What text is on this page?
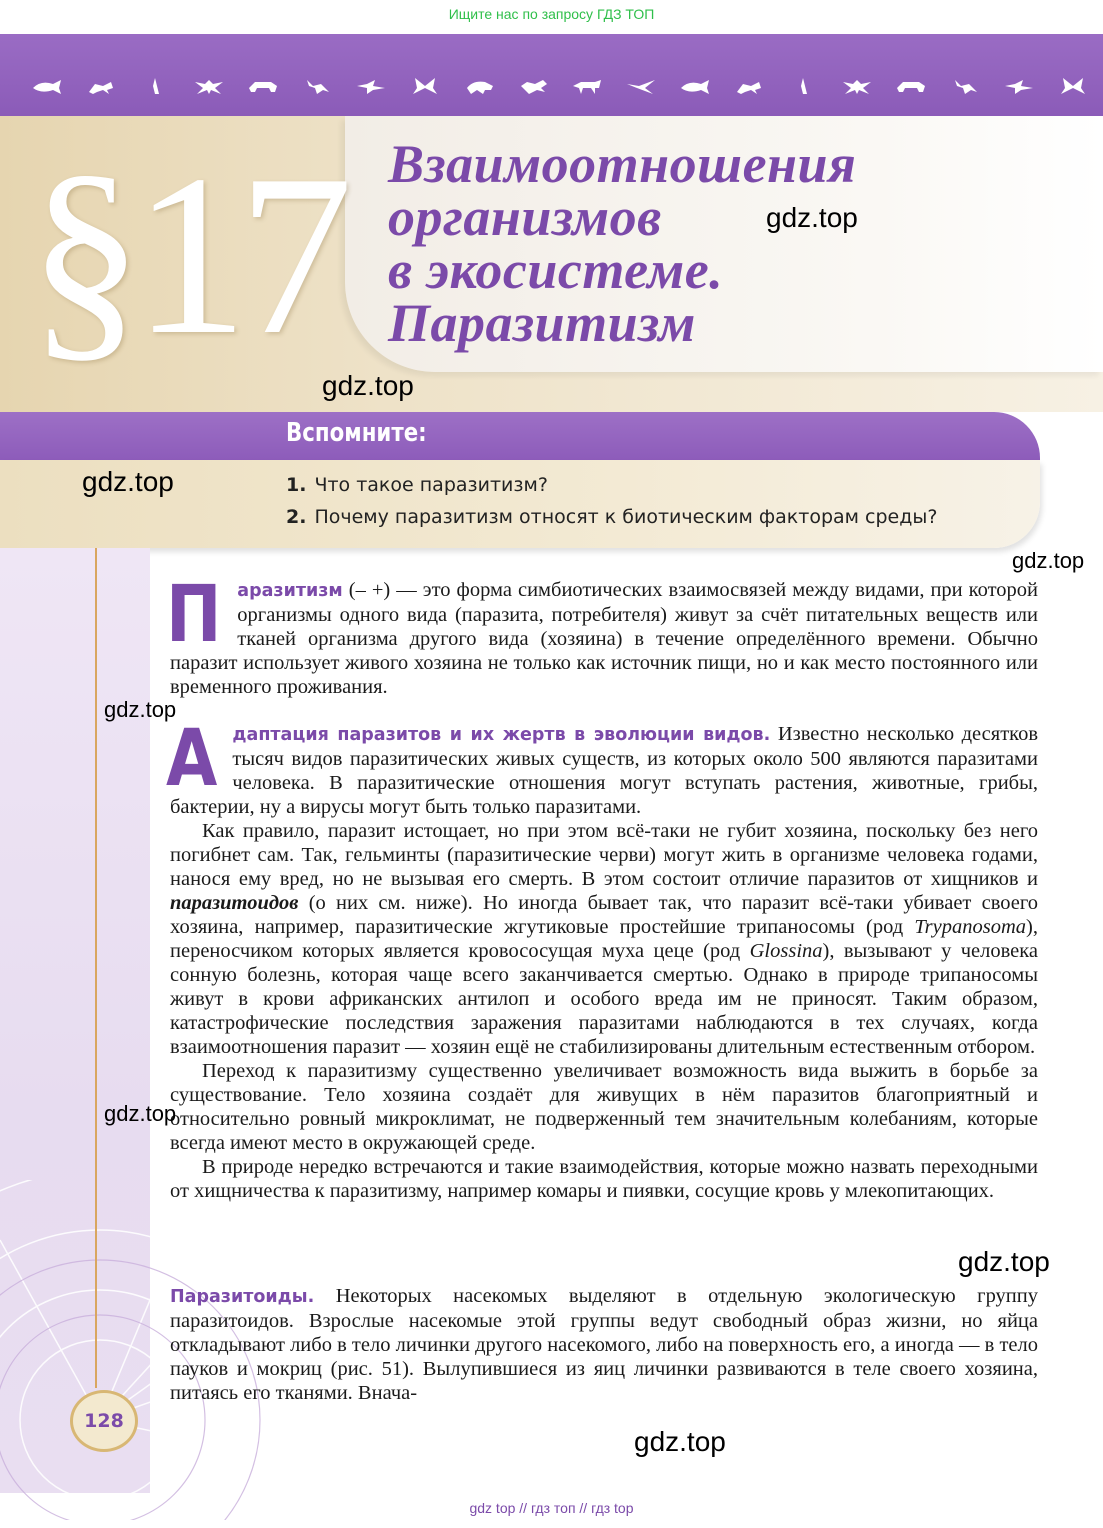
Ищите нас по запросу ГДЗ ТОП
§17 Взаимоотношения
организмов
в экосистеме.
Паразитизм
Вспомните:
1. Что такое паразитизм?
2. Почему паразитизм относят к биотическим факторам среды?
128

Паразитизм (– +) — это форма симбиотических взаимосвязей между видами, при которой организмы одного вида (паразита, потребителя) живут за счёт питательных веществ или тканей организма другого вида (хозяина) в течение определённого времени. Обычно паразит использует живого хозяина не только как источник пищи, но и как место постоянного или временного проживания.

Адаптация паразитов и их жертв в эволюции видов. Известно несколько десятков тысяч видов паразитических живых существ, из которых около 500 являются паразитами человека. В паразитические отношения могут вступать растения, животные, грибы, бактерии, ну а вирусы могут быть только паразитами.

Как правило, паразит истощает, но при этом всё-таки не губит хозяина, поскольку без него погибнет сам. Так, гельминты (паразитические черви) могут жить в организме человека годами, нанося ему вред, но не вызывая его смерть. В этом состоит отличие паразитов от хищников и паразитоидов (о них см. ниже). Но иногда бывает так, что паразит всё-таки убивает своего хозяина, например, паразитические жгутиковые простейшие трипаносомы (род Trypanosoma), переносчиком которых является кровососущая муха цеце (род Glossina), вызывают у человека сонную болезнь, которая чаще всего заканчивается смертью. Однако в природе трипаносомы живут в крови африканских антилоп и особого вреда им не приносят. Таким образом, катастрофические последствия заражения паразитами наблюдаются в тех случаях, когда взаимоотношения паразит — хозяин ещё не стабилизированы длительным естественным отбором.

Переход к паразитизму существенно увеличивает возможность вида выжить в борьбе за существование. Тело хозяина создаёт для живущих в нём паразитов благоприятный и относительно ровный микроклимат, не подверженный тем значительным колебаниям, которые всегда имеют место в окружающей среде.

В природе нередко встречаются и такие взаимодействия, которые можно назвать переходными от хищничества к паразитизму, например комары и пиявки, сосущие кровь у млекопитающих.

Паразитоиды. Некоторых насекомых выделяют в отдельную экологическую группу паразитоидов. Взрослые насекомые этой группы ведут свободный образ жизни, но яйца откладывают либо в тело личинки другого насекомого, либо на поверхность его, а иногда — в тело пауков и мокриц (рис. 51). Вылупившиеся из яиц личинки развиваются в теле своего хозяина, питаясь его тканями. Внача-

gdz.top
gdz.top
gdz.top
gdz.top
gdz.top
gdz.top
gdz.top
gdz.top
gdz top // гдз топ // гдз top
